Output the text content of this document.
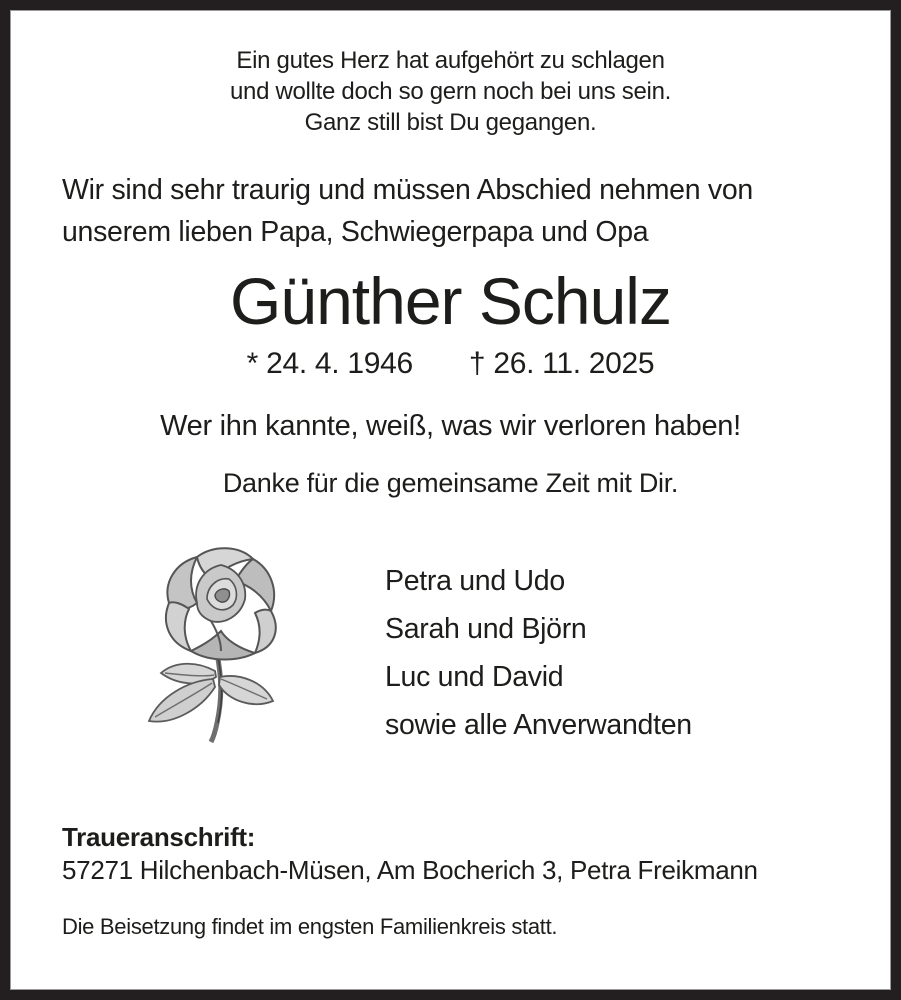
Ein gutes Herz hat aufgehört zu schlagen
und wollte doch so gern noch bei uns sein.
Ganz still bist Du gegangen.
Wir sind sehr traurig und müssen Abschied nehmen von unserem lieben Papa, Schwiegerpapa und Opa
Günther Schulz
* 24. 4. 1946 † 26. 11. 2025
Wer ihn kannte, weiß, was wir verloren haben!
Danke für die gemeinsame Zeit mit Dir.
Petra und Udo
Sarah und Björn
Luc und David
sowie alle Anverwandten
Traueranschrift:
57271 Hilchenbach-Müsen, Am Bocherich 3, Petra Freikmann
Die Beisetzung findet im engsten Familienkreis statt.
